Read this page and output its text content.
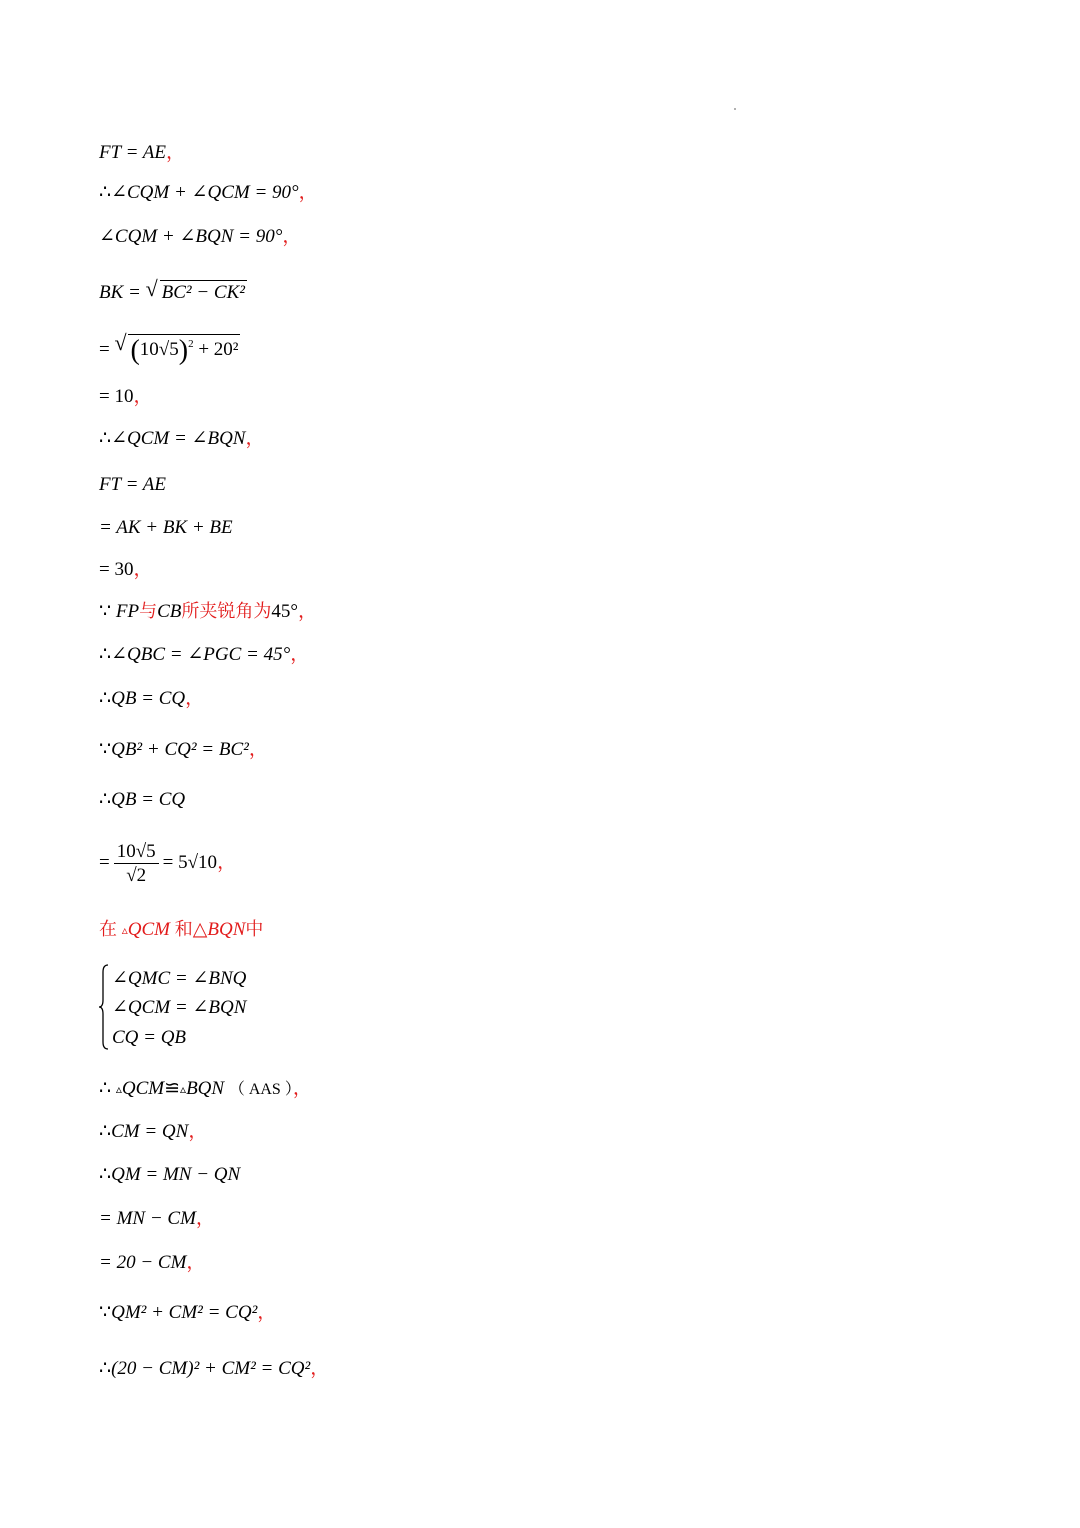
FT = AE，
∴∠CQM + ∠QCM = 90°，
∠CQM + ∠BQN = 90°，
BK = √ BC² − CK²
= √ $(10√5)^2 + 20^2$
= 10，
∴∠QCM = ∠BQN，
FT = AE
= AK + BK + BE
= 30，
∵ FP与CB所夹锐角为45°，
∴∠QBC = ∠PGC = 45°，
∴QB = CQ，
∵QB² + CQ² = BC²，
∴QB = CQ
= $\frac{10√5}{√2} = 5√10$，
在 ▵QCM 和△BQN中
∠QMC = ∠BNQ
∠QCM = ∠BQN
CQ = QB
∴ ▵QCM≌▵BQN （ AAS ），
∴CM = QN，
∴QM = MN − QN
= MN − CM，
= 20 − CM，
∵QM² + CM² = CQ²，
∴(20 − CM)² + CM² = CQ²，
